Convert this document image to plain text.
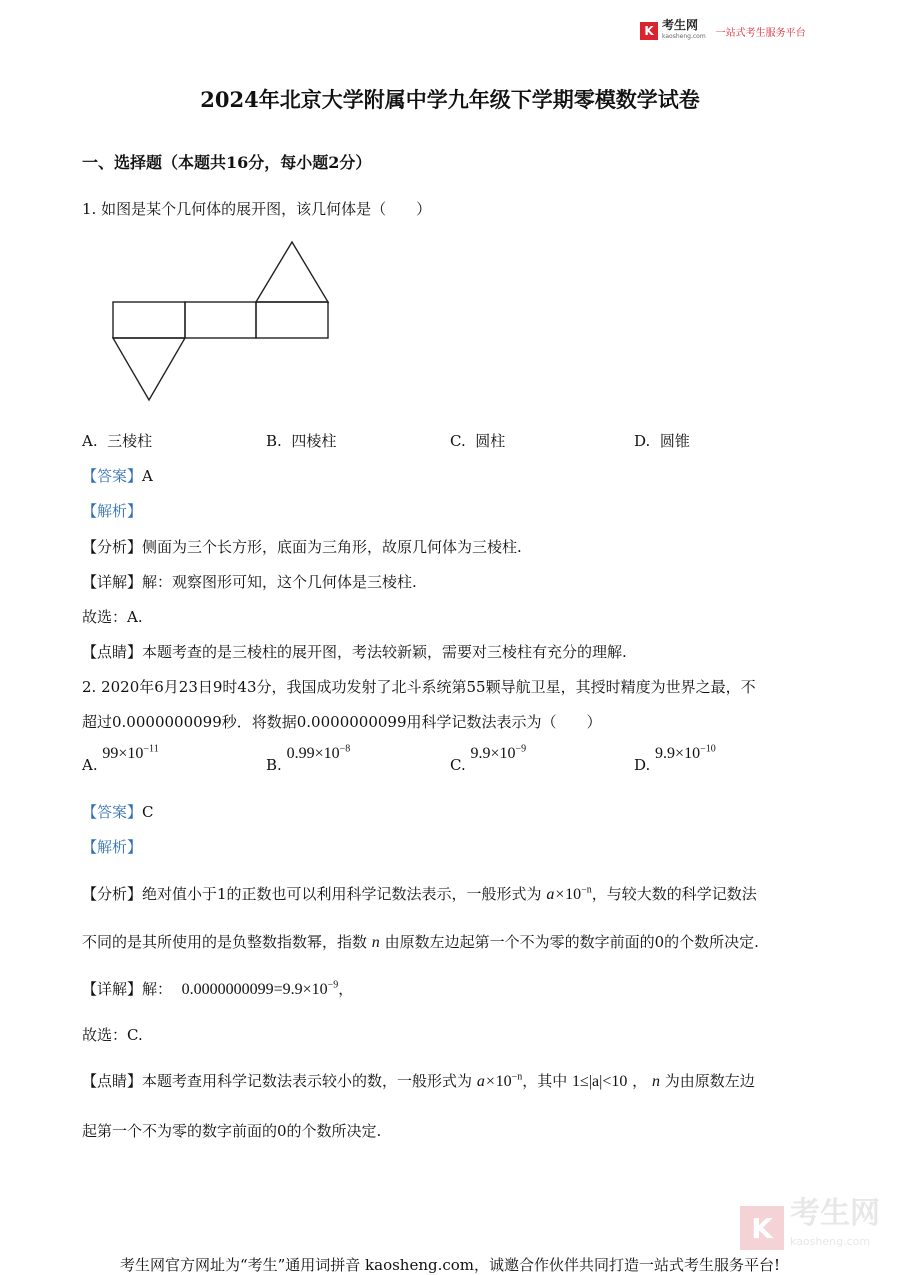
K 考生网
kaosheng.com 一站式考生服务平台
2024年北京大学附属中学九年级下学期零模数学试卷
一、选择题（本题共16分，每小题2分）
1. 如图是某个几何体的展开图，该几何体是（　　）
A. 三棱柱	B. 四棱柱	C. 圆柱	D. 圆锥
【答案】A
【解析】
【分析】侧面为三个长方形，底面为三角形，故原几何体为三棱柱.
【详解】解：观察图形可知，这个几何体是三棱柱.
故选：A.
【点睛】本题考查的是三棱柱的展开图，考法较新颖，需要对三棱柱有充分的理解.
2. 2020年6月23日9时43分，我国成功发射了北斗系统第55颗导航卫星，其授时精度为世界之最，不
超过0.0000000099秒．将数据0.0000000099用科学记数法表示为（　　）
A. $99\times 10^{-11}$
B. $0.99\times 10^{-8}$
C. $9.9\times 10^{-9}$
D. $9.9\times 10^{-10}$
【答案】C
【解析】
【分析】绝对值小于1的正数也可以利用科学记数法表示，一般形式为 $a\times 10^{-n}$，与较大数的科学记数法
不同的是其所使用的是负整数指数幂，指数 n 由原数左边起第一个不为零的数字前面的0的个数所决定.
【详解】解： $0.0000000099=9.9\times 10^{-9}$，
故选：C.
【点睛】本题考查用科学记数法表示较小的数，一般形式为 $a\times 10^{-n}$，其中 1≤|a|<10 ， n 为由原数左边
起第一个不为零的数字前面的0的个数所决定.
K 考生网
kaosheng.com
考生网官方网址为“考生”通用词拼音 kaosheng.com，诚邀合作伙伴共同打造一站式考生服务平台!
